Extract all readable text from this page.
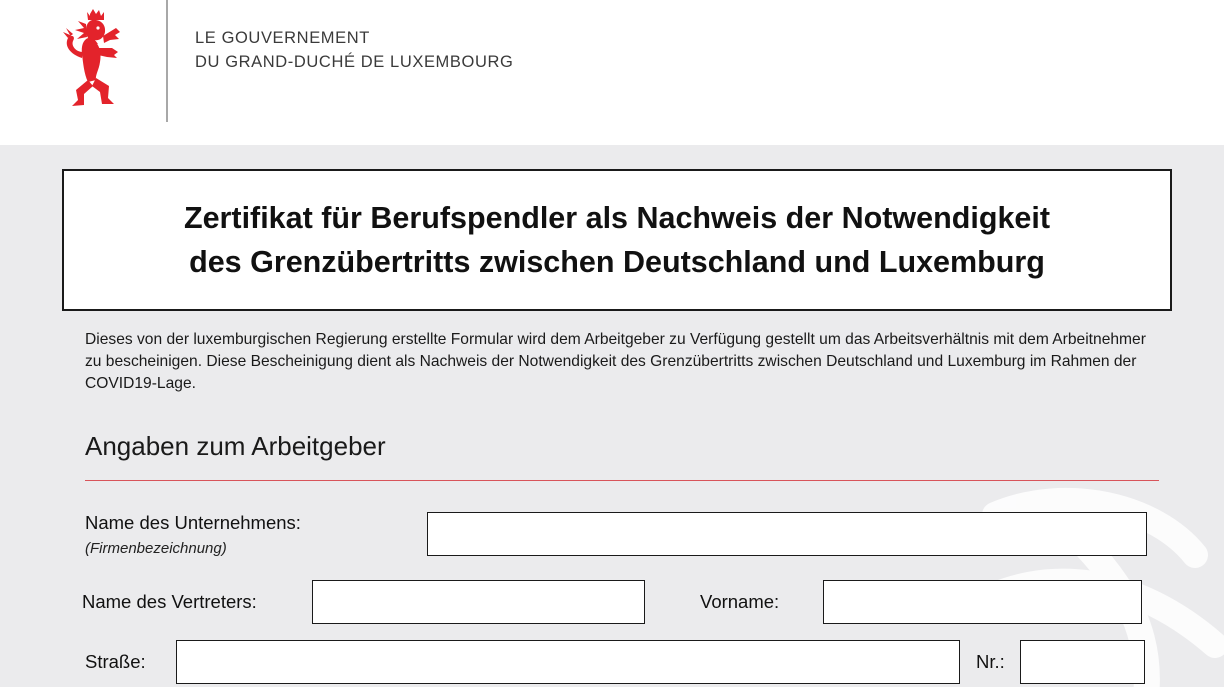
LE GOUVERNEMENT
DU GRAND-DUCHÉ DE LUXEMBOURG
Zertifikat für Berufspendler als Nachweis der Notwendigkeit
des Grenzübertritts zwischen Deutschland und Luxemburg
Dieses von der luxemburgischen Regierung erstellte Formular wird dem Arbeitgeber zu Verfügung gestellt um das Arbeitsverhältnis mit dem Arbeitnehmer zu bescheinigen. Diese Bescheinigung dient als Nachweis der Notwendigkeit des Grenzübertritts zwischen Deutschland und Luxemburg im Rahmen der COVID19-Lage.
Angaben zum Arbeitgeber
Name des Unternehmens:
(Firmenbezeichnung)
Name des Vertreters:	Vorname:
Straße:	Nr.:
